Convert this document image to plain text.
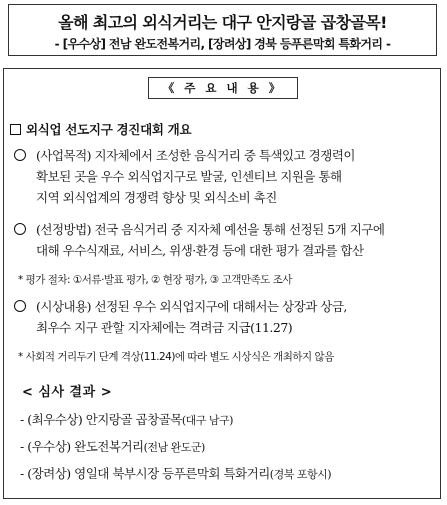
올해 최고의 외식거리는 대구 안지랑골 곱창골목!
- [우수상] 전남 완도전복거리, [장려상] 경북 등푸른막회 특화거리 -
《 주 요 내 용 》
외식업 선도지구 경진대회 개요
(사업목적) 지자체에서 조성한 음식거리 중 특색있고 경쟁력이
확보된 곳을 우수 외식업지구로 발굴, 인센티브 지원을 통해
지역 외식업계의 경쟁력 향상 및 외식소비 촉진
(선정방법) 전국 음식거리 중 지자체 예선을 통해 선정된 5개 지구에
대해 우수식재료, 서비스, 위생·환경 등에 대한 평가 결과를 합산
* 평가 절차: ①서류·발표 평가, ② 현장 평가, ③ 고객만족도 조사
(시상내용) 선정된 우수 외식업지구에 대해서는 상장과 상금,
최우수 지구 관할 지자체에는 격려금 지급(11.27)
* 사회적 거리두기 단계 격상(11.24)에 따라 별도 시상식은 개최하지 않음
< 심사 결과 >
- (최우수상) 안지랑골 곱창골목(대구 남구)
- (우수상) 완도전복거리(전남 완도군)
- (장려상) 영일대 북부시장 등푸른막회 특화거리(경북 포항시)
